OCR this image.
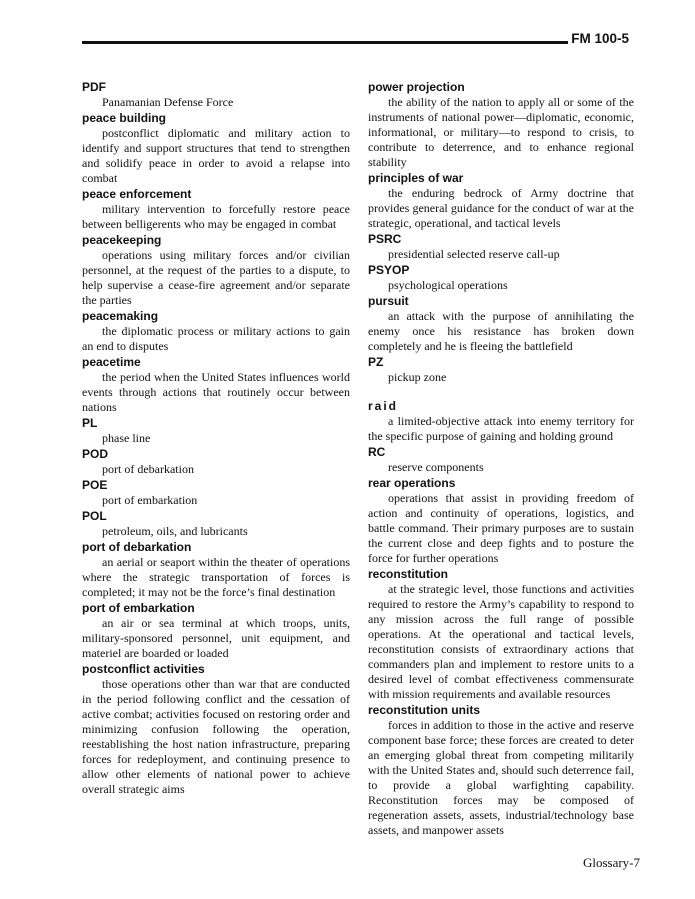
FM 100-5

PDF

Panamanian Defense Force

peace building

postconflict diplomatic and military action to identify and support structures that tend to strengthen and solidify peace in order to avoid a relapse into combat

peace enforcement

military intervention to forcefully restore peace between belligerents who may be engaged in combat

peacekeeping

operations using military forces and/or civilian personnel, at the request of the parties to a dispute, to help supervise a cease-fire agreement and/or separate the parties

peacemaking

the diplomatic process or military actions to gain an end to disputes

peacetime

the period when the United States influences world events through actions that routinely occur between nations

PL

phase line

POD

port of debarkation

POE

port of embarkation

POL

petroleum, oils, and lubricants

port of debarkation

an aerial or seaport within the theater of operations where the strategic transportation of forces is completed; it may not be the force’s final destination

port of embarkation

an air or sea terminal at which troops, units, military-sponsored personnel, unit equipment, and materiel are boarded or loaded

postconflict activities

those operations other than war that are conducted in the period following conflict and the cessation of active combat; activities focused on restoring order and minimizing confusion following the operation, reestablishing the host nation infrastructure, preparing forces for redeployment, and continuing presence to allow other elements of national power to achieve overall strategic aims

power projection

the ability of the nation to apply all or some of the instruments of national power—diplomatic, economic, informational, or military—to respond to crisis, to contribute to deterrence, and to enhance regional stability

principles of war

the enduring bedrock of Army doctrine that provides general guidance for the conduct of war at the strategic, operational, and tactical levels

PSRC

presidential selected reserve call-up

PSYOP

psychological operations

pursuit

an attack with the purpose of annihilating the enemy once his resistance has broken down completely and he is fleeing the battlefield

PZ

pickup zone

raid

a limited-objective attack into enemy territory for the specific purpose of gaining and holding ground

RC

reserve components

rear operations

operations that assist in providing freedom of action and continuity of operations, logistics, and battle command. Their primary purposes are to sustain the current close and deep fights and to posture the force for further operations

reconstitution

at the strategic level, those functions and activities required to restore the Army’s capability to respond to any mission across the full range of possible operations. At the operational and tactical levels, reconstitution consists of extraordinary actions that commanders plan and implement to restore units to a desired level of combat effectiveness commensurate with mission requirements and available resources

reconstitution units

forces in addition to those in the active and reserve component base force; these forces are created to deter an emerging global threat from competing militarily with the United States and, should such deterrence fail, to provide a global warfighting capability. Reconstitution forces may be composed of regeneration assets, assets, industrial/technology base assets, and manpower assets

Glossary-7
